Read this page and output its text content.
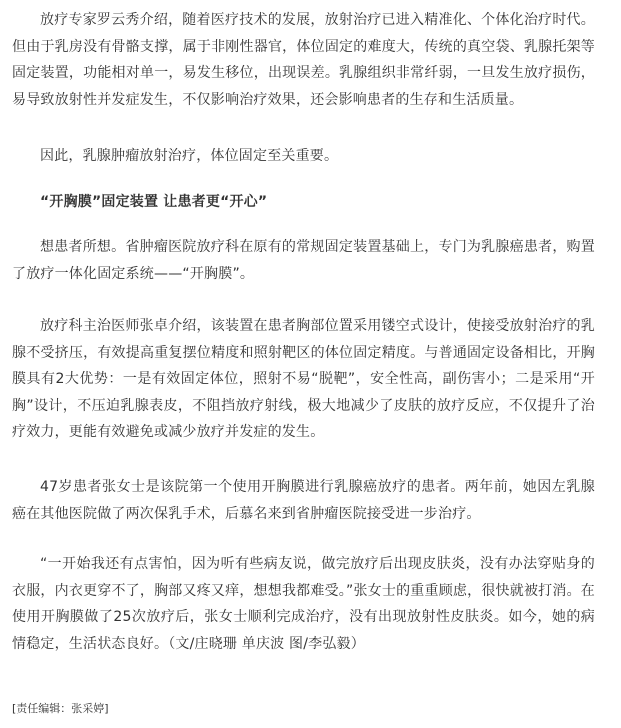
放疗专家罗云秀介绍，随着医疗技术的发展，放射治疗已进入精准化、个体化治疗时代。但由于乳房没有骨骼支撑，属于非刚性器官，体位固定的难度大，传统的真空袋、乳腺托架等固定装置，功能相对单一，易发生移位，出现误差。乳腺组织非常纤弱，一旦发生放疗损伤，易导致放射性并发症发生，不仅影响治疗效果，还会影响患者的生存和生活质量。

因此，乳腺肿瘤放射治疗，体位固定至关重要。

“开胸膜”固定装置 让患者更“开心”

想患者所想。省肿瘤医院放疗科在原有的常规固定装置基础上，专门为乳腺癌患者，购置了放疗一体化固定系统——“开胸膜”。

放疗科主治医师张卓介绍，该装置在患者胸部位置采用镂空式设计，使接受放射治疗的乳腺不受挤压，有效提高重复摆位精度和照射靶区的体位固定精度。与普通固定设备相比，开胸膜具有2大优势：一是有效固定体位，照射不易“脱靶”，安全性高，副伤害小；二是采用“开胸”设计，不压迫乳腺表皮，不阻挡放疗射线，极大地减少了皮肤的放疗反应，不仅提升了治疗效力，更能有效避免或减少放疗并发症的发生。

47岁患者张女士是该院第一个使用开胸膜进行乳腺癌放疗的患者。两年前，她因左乳腺癌在其他医院做了两次保乳手术，后慕名来到省肿瘤医院接受进一步治疗。

“一开始我还有点害怕，因为听有些病友说，做完放疗后出现皮肤炎，没有办法穿贴身的衣服，内衣更穿不了，胸部又疼又痒，想想我都难受。”张女士的重重顾虑，很快就被打消。在使用开胸膜做了25次放疗后，张女士顺利完成治疗，没有出现放射性皮肤炎。如今，她的病情稳定，生活状态良好。（文/庄晓珊 单庆波 图/李弘毅）

[责任编辑：张采婷]
